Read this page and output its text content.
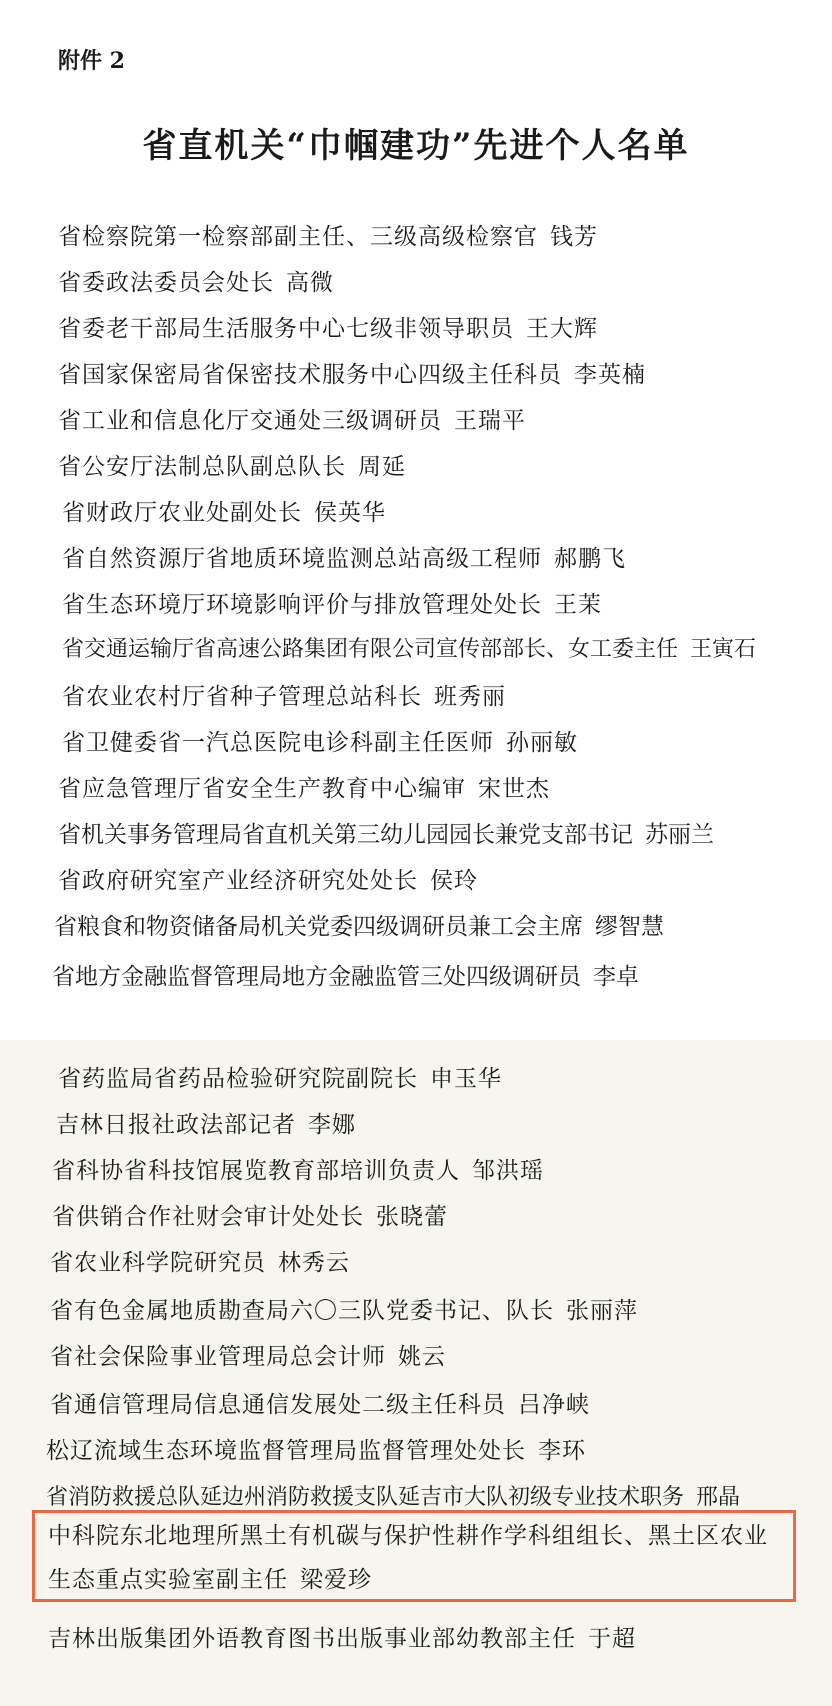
附件 2
省直机关“巾帼建功”先进个人名单
省检察院第一检察部副主任、三级高级检察官 钱芳
省委政法委员会处长 高微
省委老干部局生活服务中心七级非领导职员 王大辉
省国家保密局省保密技术服务中心四级主任科员 李英楠
省工业和信息化厅交通处三级调研员 王瑞平
省公安厅法制总队副总队长 周延
省财政厅农业处副处长 侯英华
省自然资源厅省地质环境监测总站高级工程师 郝鹏飞
省生态环境厅环境影响评价与排放管理处处长 王茉
省交通运输厅省高速公路集团有限公司宣传部部长、女工委主任 王寅石
省农业农村厅省种子管理总站科长 班秀丽
省卫健委省一汽总医院电诊科副主任医师 孙丽敏
省应急管理厅省安全生产教育中心编审 宋世杰
省机关事务管理局省直机关第三幼儿园园长兼党支部书记 苏丽兰
省政府研究室产业经济研究处处长 侯玲
省粮食和物资储备局机关党委四级调研员兼工会主席 缪智慧
省地方金融监督管理局地方金融监管三处四级调研员 李卓
省药监局省药品检验研究院副院长 申玉华
吉林日报社政法部记者 李娜
省科协省科技馆展览教育部培训负责人 邹洪瑶
省供销合作社财会审计处处长 张晓蕾
省农业科学院研究员 林秀云
省有色金属地质勘查局六〇三队党委书记、队长 张丽萍
省社会保险事业管理局总会计师 姚云
省通信管理局信息通信发展处二级主任科员 吕净峡
松辽流域生态环境监督管理局监督管理处处长 李环
省消防救援总队延边州消防救援支队延吉市大队初级专业技术职务 邢晶
中科院东北地理所黑土有机碳与保护性耕作学科组组长、黑土区农业生态重点实验室副主任 梁爱珍
吉林出版集团外语教育图书出版事业部幼教部主任 于超
